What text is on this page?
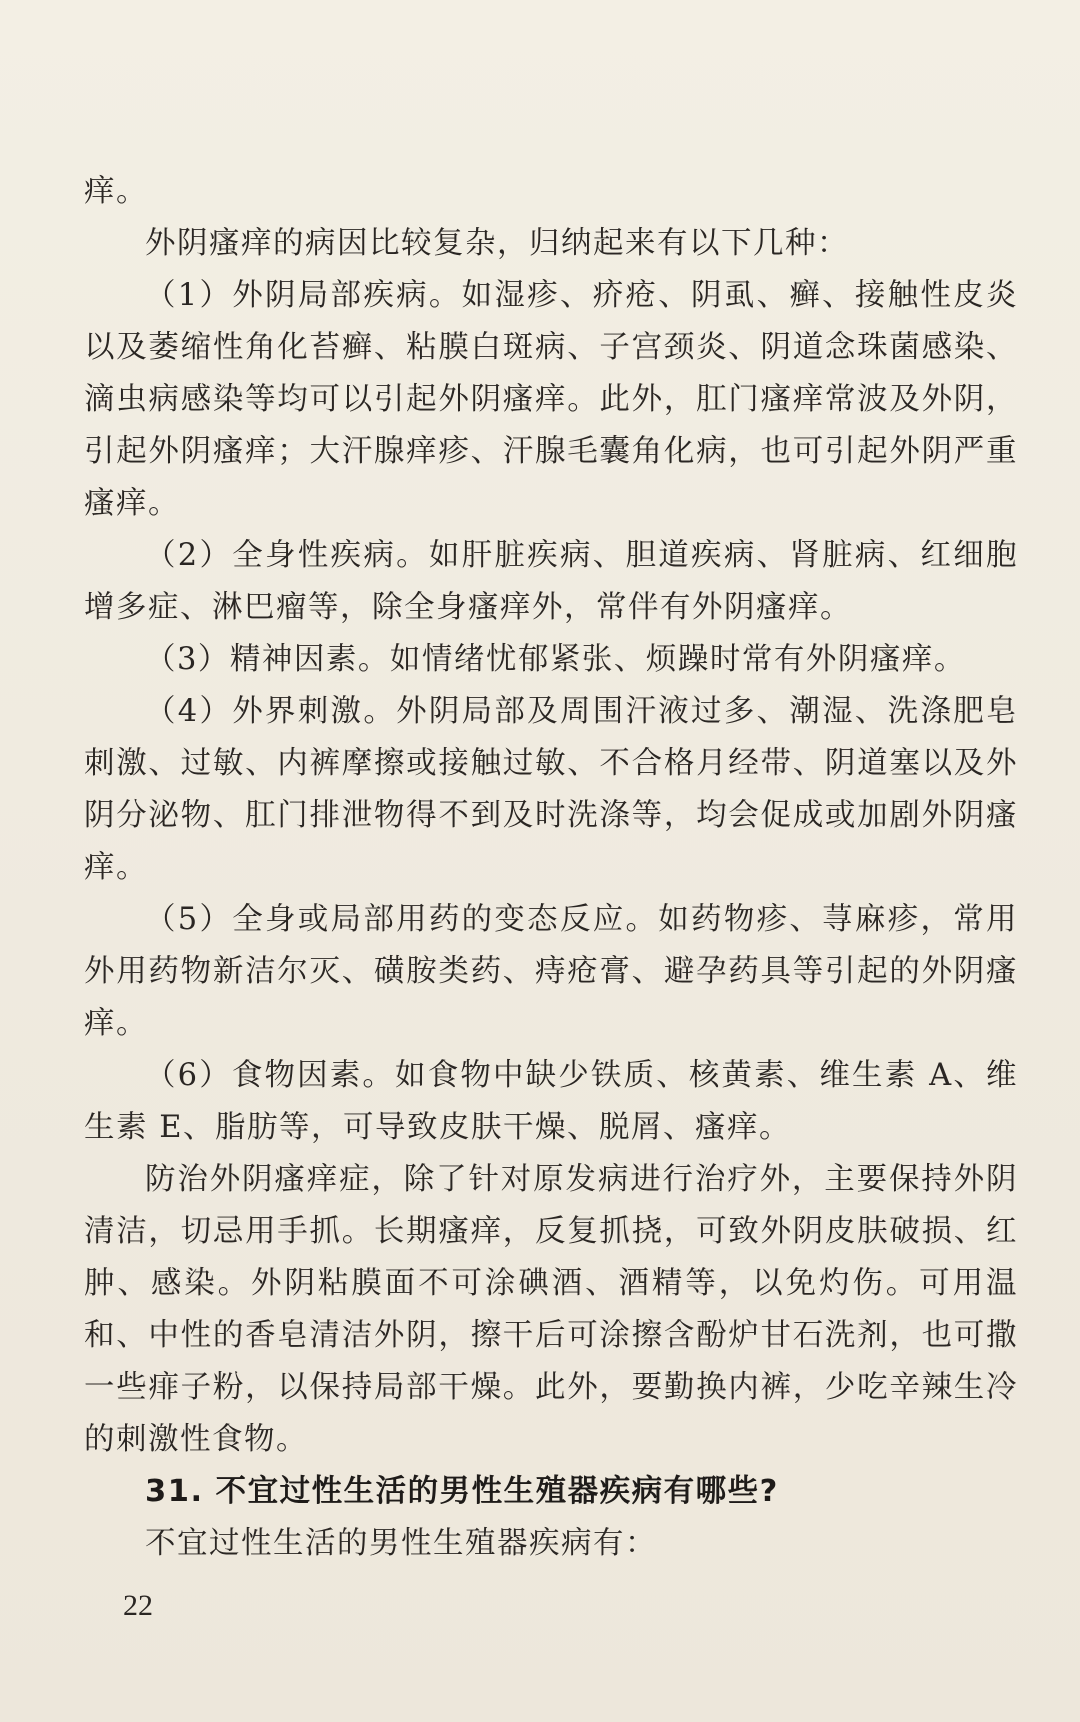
痒。

外阴瘙痒的病因比较复杂，归纳起来有以下几种：

（1）外阴局部疾病。如湿疹、疥疮、阴虱、癣、接触性皮炎以及萎缩性角化苔癣、粘膜白斑病、子宫颈炎、阴道念珠菌感染、滴虫病感染等均可以引起外阴瘙痒。此外，肛门瘙痒常波及外阴，引起外阴瘙痒；大汗腺痒疹、汗腺毛囊角化病，也可引起外阴严重瘙痒。

（2）全身性疾病。如肝脏疾病、胆道疾病、肾脏病、红细胞增多症、淋巴瘤等，除全身瘙痒外，常伴有外阴瘙痒。

（3）精神因素。如情绪忧郁紧张、烦躁时常有外阴瘙痒。

（4）外界刺激。外阴局部及周围汗液过多、潮湿、洗涤肥皂刺激、过敏、内裤摩擦或接触过敏、不合格月经带、阴道塞以及外阴分泌物、肛门排泄物得不到及时洗涤等，均会促成或加剧外阴瘙痒。

（5）全身或局部用药的变态反应。如药物疹、荨麻疹，常用外用药物新洁尔灭、磺胺类药、痔疮膏、避孕药具等引起的外阴瘙痒。

（6）食物因素。如食物中缺少铁质、核黄素、维生素 A、维生素 E、脂肪等，可导致皮肤干燥、脱屑、瘙痒。

防治外阴瘙痒症，除了针对原发病进行治疗外，主要保持外阴清洁，切忌用手抓。长期瘙痒，反复抓挠，可致外阴皮肤破损、红肿、感染。外阴粘膜面不可涂碘酒、酒精等，以免灼伤。可用温和、中性的香皂清洁外阴，擦干后可涂擦含酚炉甘石洗剂，也可撒一些痱子粉，以保持局部干燥。此外，要勤换内裤，少吃辛辣生冷的刺激性食物。

31. 不宜过性生活的男性生殖器疾病有哪些?

不宜过性生活的男性生殖器疾病有：

22
